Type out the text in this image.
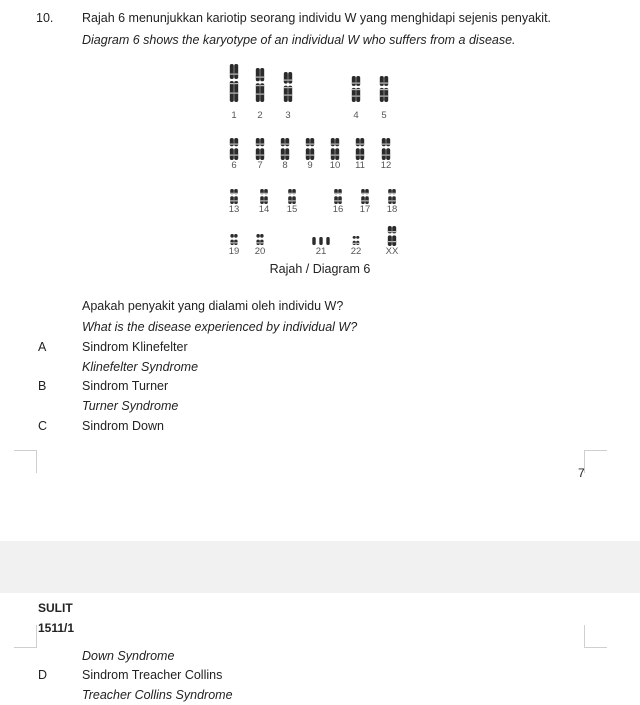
10. Rajah 6 menunjukkan kariotip seorang individu W yang menghidapi sejenis penyakit.
Diagram 6 shows the karyotype of an individual W who suffers from a disease.
1 2 3	4 5
6 7 8 9 10 11 12
13 14 15	16 17 18
19 20	21	22	XX
Rajah / Diagram 6
Apakah penyakit yang dialami oleh individu W?
What is the disease experienced by individual W?
A	Sindrom Klinefelter
Klinefelter Syndrome
B	Sindrom Turner
Turner Syndrome
C	Sindrom Down
7
SULIT
1511/1
Down Syndrome
D	Sindrom Treacher Collins
Treacher Collins Syndrome
